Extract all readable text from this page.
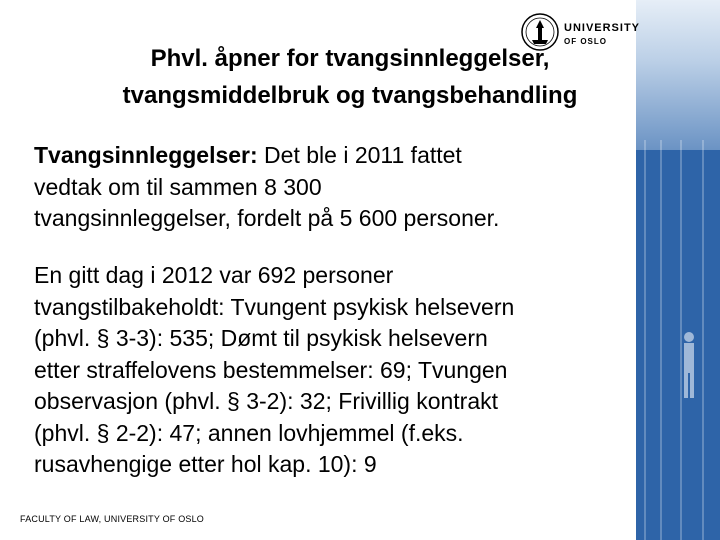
UNIVERSITY
OF OSLO
Phvl. åpner for tvangsinnleggelser,
tvangsmiddelbruk og tvangsbehandling
Tvangsinnleggelser: Det ble i 2011 fattet
vedtak om til sammen 8 300
tvangsinnleggelser, fordelt på 5 600 personer.
En gitt dag i 2012 var 692 personer
tvangstilbakeholdt: Tvungent psykisk helsevern
(phvl. § 3-3): 535; Dømt til psykisk helsevern
etter straffelovens bestemmelser: 69; Tvungen
observasjon (phvl. § 3-2): 32; Frivillig kontrakt
(phvl. § 2-2): 47; annen lovhjemmel (f.eks.
rusavhengige etter hol kap. 10): 9
FACULTY OF LAW, UNIVERSITY OF OSLO
